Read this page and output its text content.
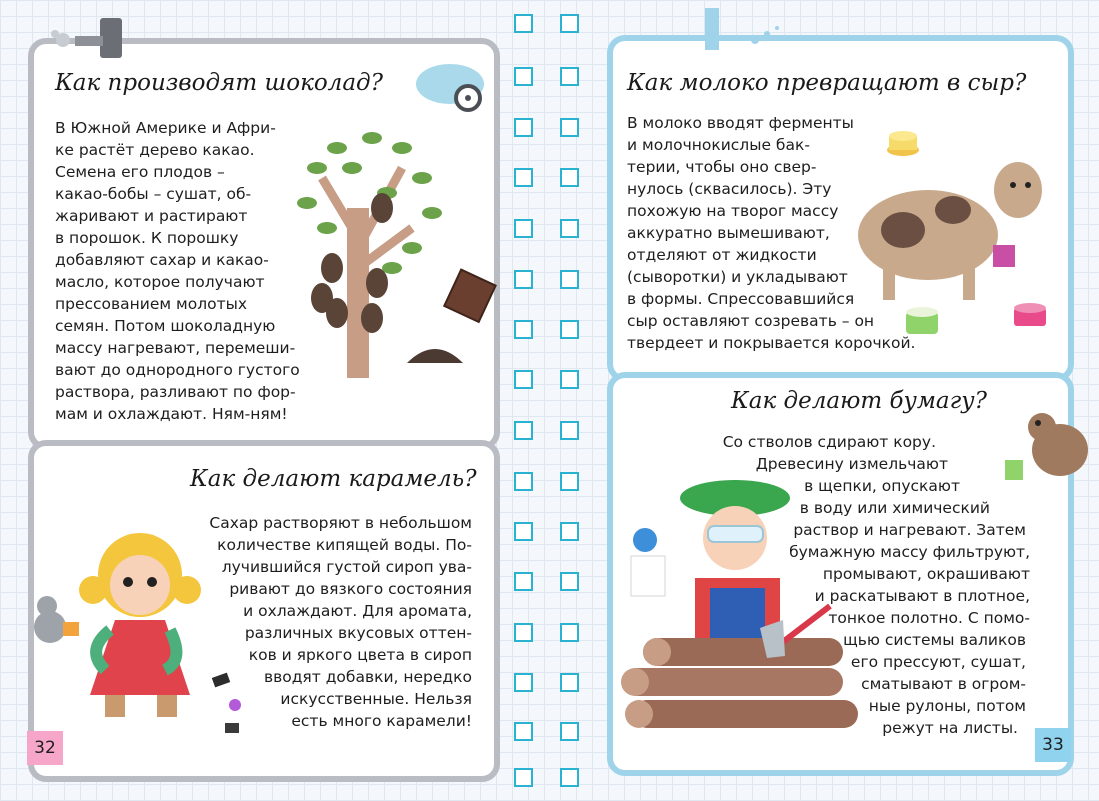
Как производят шоколад?

В Южной Америке и Афри-

ке растёт дерево какао.

Семена его плодов –

какао-бобы – сушат, об-

жаривают и растирают

в порошок. К порошку

добавляют сахар и какао-

масло, которое получают

прессованием молотых

семян. Потом шоколадную

массу нагревают, перемеши-

вают до однородного густого

раствора, разливают по фор-

мам и охлаждают. Ням-ням!

Как делают карамель?

Сахар растворяют в небольшом

количестве кипящей воды. По-

лучившийся густой сироп ува-

ривают до вязкого состояния

и охлаждают. Для аромата,

различных вкусовых оттен-

ков и яркого цвета в сироп

вводят добавки, нередко

искусственные. Нельзя

есть много карамели!

32
Как молоко превращают в сыр?

В молоко вводят ферменты

и молочнокислые бак-

терии, чтобы оно свер-

нулось (сквасилось). Эту

похожую на творог массу

аккуратно вымешивают,

отделяют от жидкости

(сыворотки) и укладывают

в формы. Спрессовавшийся

сыр оставляют созревать – он

твердеет и покрывается корочкой.

Как делают бумагу?

Со стволов сдирают кору.

Древесину измельчают

в щепки, опускают

в воду или химический

раствор и нагревают. Затем

бумажную массу фильтруют,

промывают, окрашивают

и раскатывают в плотное,

тонкое полотно. С помо-

щью системы валиков

его прессуют, сушат,

сматывают в огром-

ные рулоны, потом

режут на листы.

33
